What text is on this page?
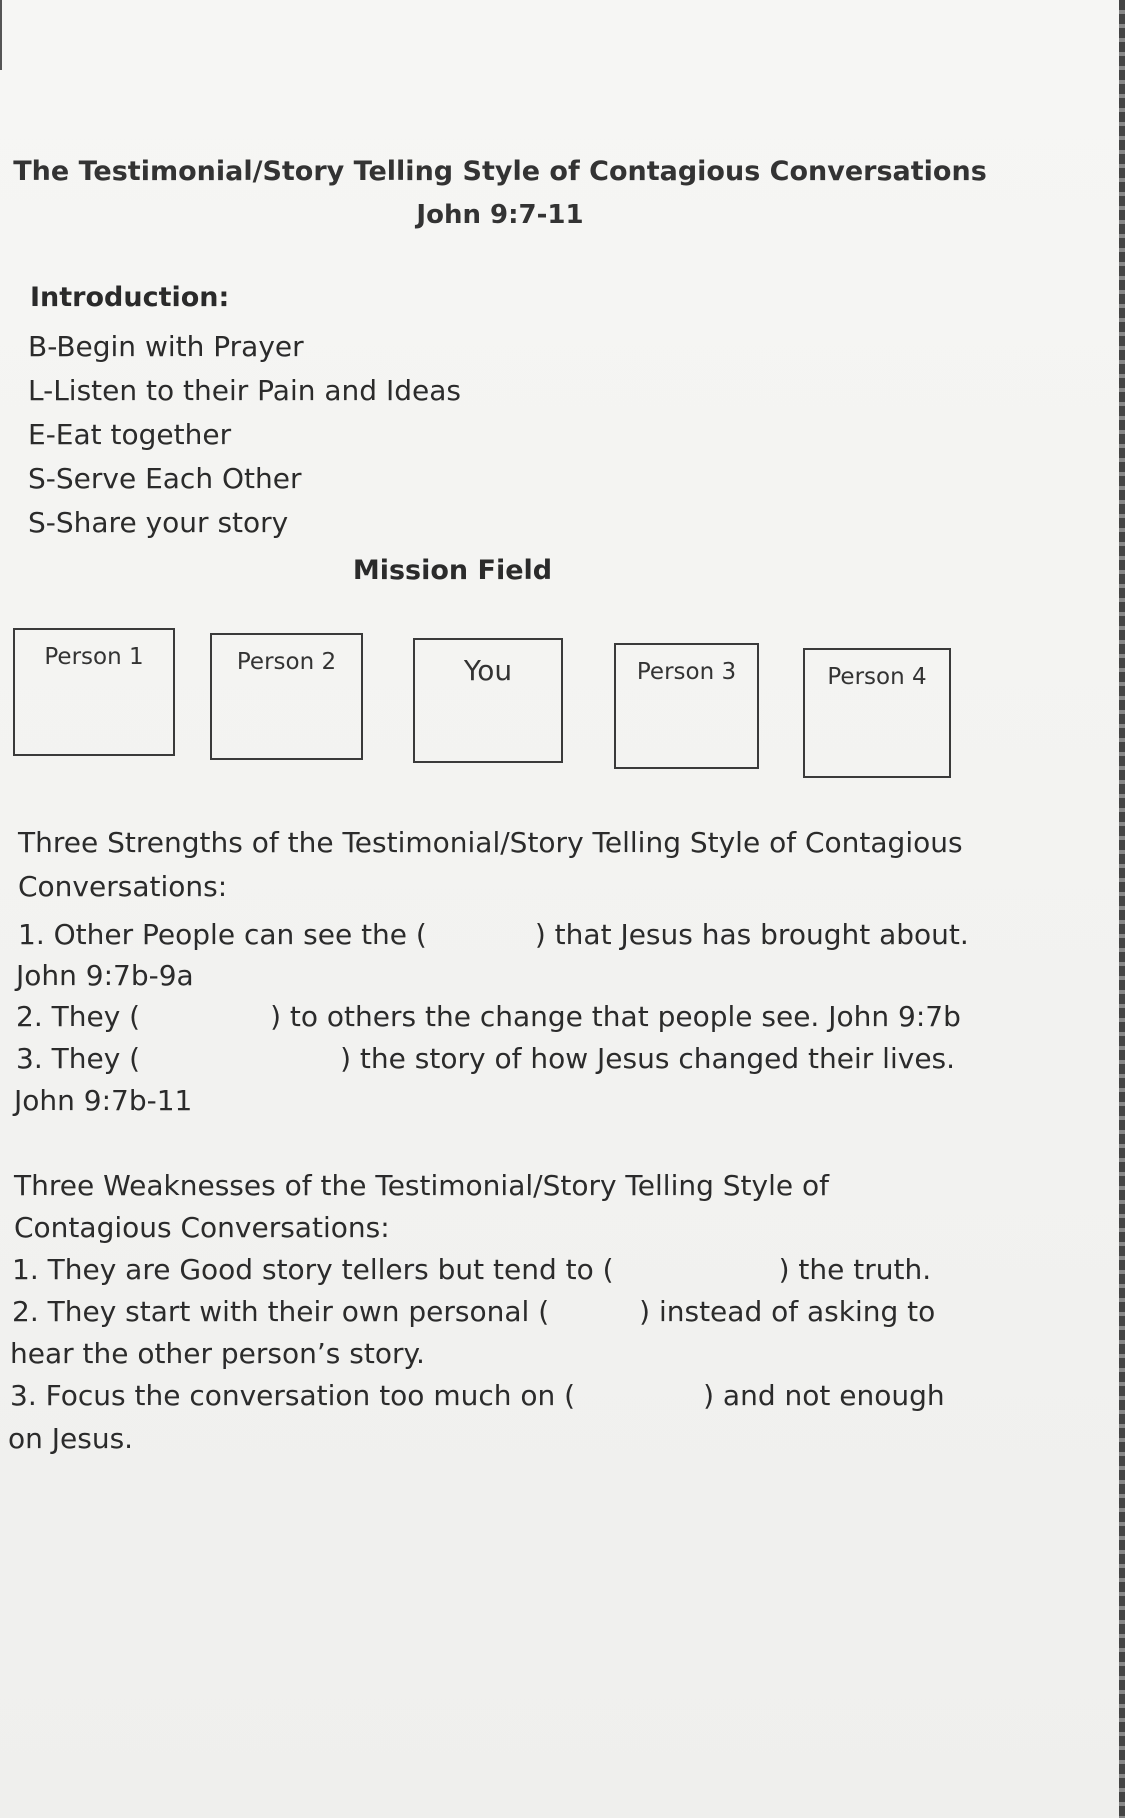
The Testimonial/Story Telling Style of Contagious Conversations
John 9:7-11
Introduction:
B-Begin with Prayer
L-Listen to their Pain and Ideas
E-Eat together
S-Serve Each Other
S-Share your story
Mission Field
Person 1	Person 2	You	Person 3	Person 4
Three Strengths of the Testimonial/Story Telling Style of Contagious
Conversations:
1. Other People can see the (	) that Jesus has brought about.
John 9:7b-9a
2. They (	) to others the change that people see. John 9:7b
3. They (	) the story of how Jesus changed their lives.
John 9:7b-11
Three Weaknesses of the Testimonial/Story Telling Style of
Contagious Conversations:
1. They are Good story tellers but tend to (	) the truth.
2. They start with their own personal (	) instead of asking to
hear the other person’s story.
3. Focus the conversation too much on (	) and not enough
on Jesus.
